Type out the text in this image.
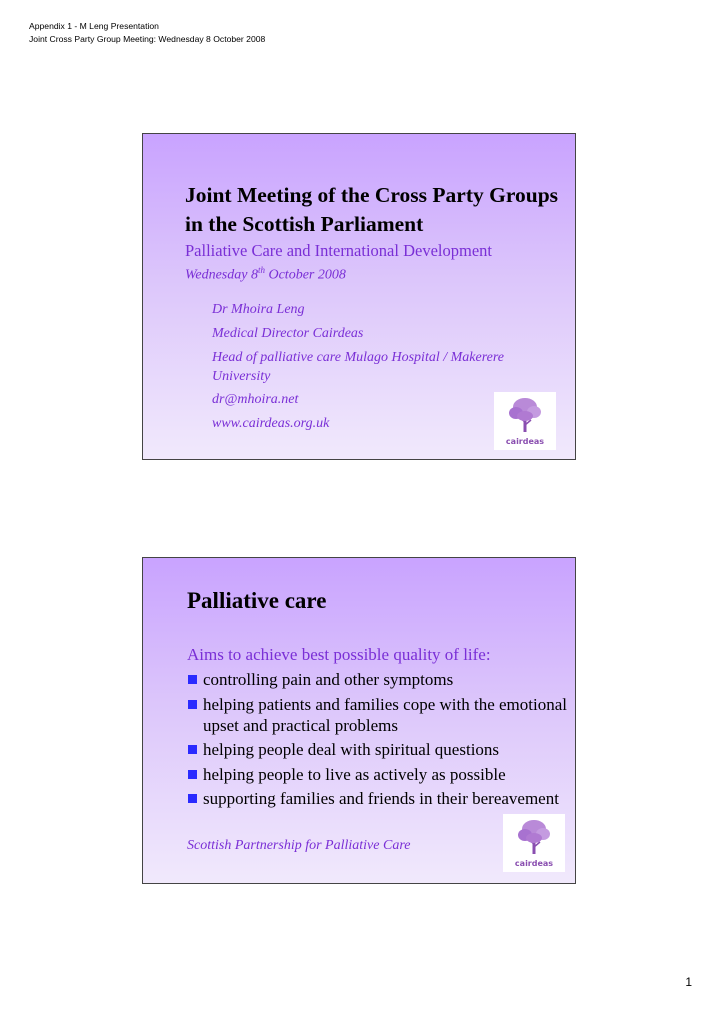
Appendix 1 - M Leng Presentation
Joint Cross Party Group Meeting: Wednesday 8 October 2008
Joint Meeting of the Cross Party Groups in the Scottish Parliament
Palliative Care and International Development
Wednesday 8th October 2008
Dr Mhoira Leng
Medical Director Cairdeas
Head of palliative care Mulago Hospital / Makerere University
dr@mhoira.net
www.cairdeas.org.uk
cairdeas
Palliative care
Aims to achieve best possible quality of life:
controlling pain and other symptoms
helping patients and families cope with the emotional upset and practical problems
helping people deal with spiritual questions
helping people to live as actively as possible
supporting families and friends in their bereavement
Scottish Partnership for Palliative Care
cairdeas
1
